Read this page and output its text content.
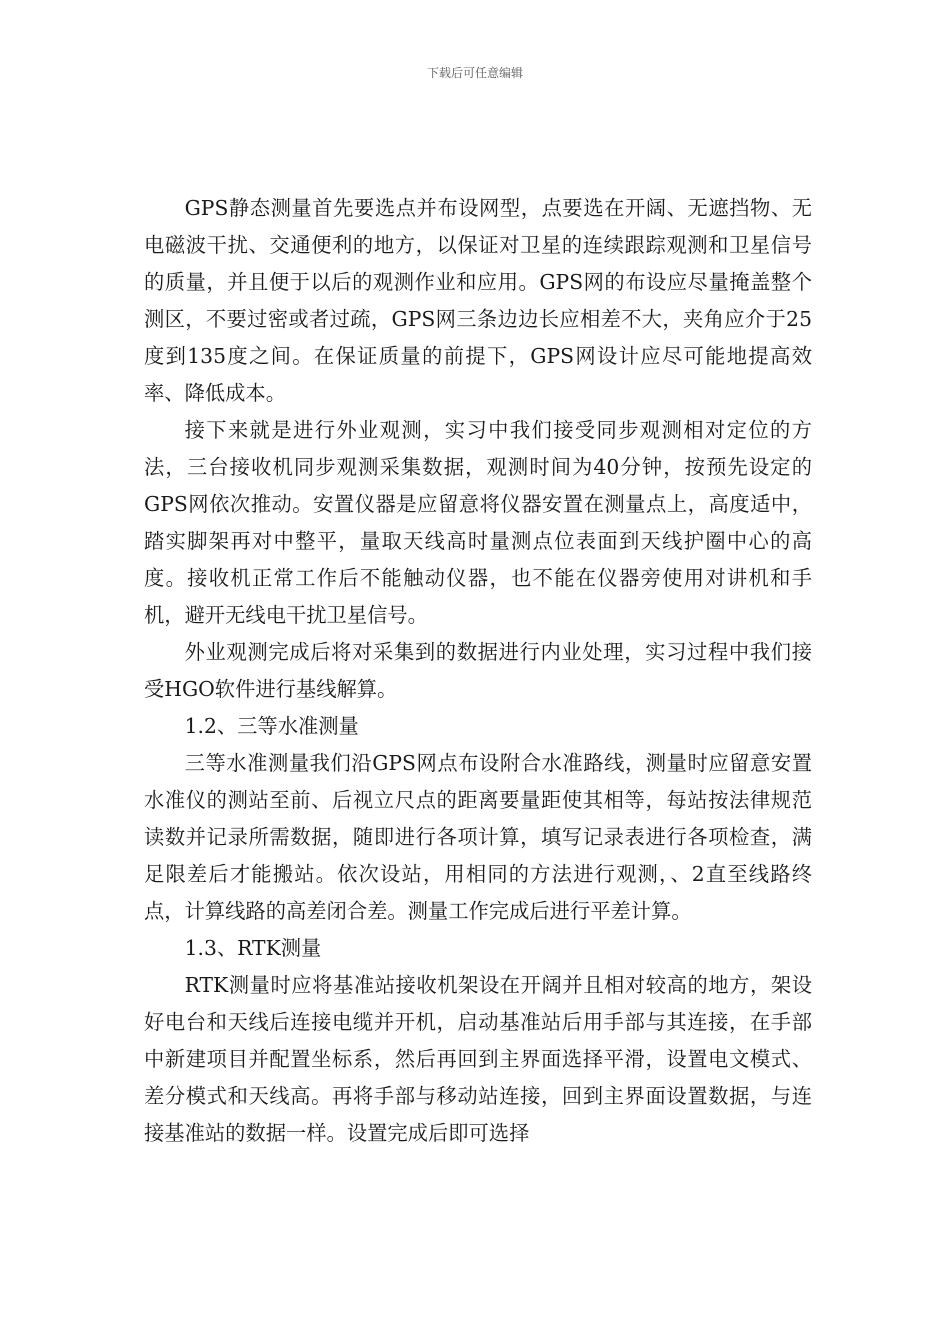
下载后可任意编辑

GPS静态测量首先要选点并布设网型，点要选在开阔、无遮挡物、无电磁波干扰、交通便利的地方，以保证对卫星的连续跟踪观测和卫星信号的质量，并且便于以后的观测作业和应用。GPS网的布设应尽量掩盖整个测区，不要过密或者过疏，GPS网三条边边长应相差不大，夹角应介于25度到135度之间。在保证质量的前提下，GPS网设计应尽可能地提高效率、降低成本。

接下来就是进行外业观测，实习中我们接受同步观测相对定位的方法，三台接收机同步观测采集数据，观测时间为40分钟，按预先设定的GPS网依次推动。安置仪器是应留意将仪器安置在测量点上，高度适中，踏实脚架再对中整平，量取天线高时量测点位表面到天线护圈中心的高度。接收机正常工作后不能触动仪器，也不能在仪器旁使用对讲机和手机，避开无线电干扰卫星信号。

外业观测完成后将对采集到的数据进行内业处理，实习过程中我们接受HGO软件进行基线解算。

1.2、三等水准测量

三等水准测量我们沿GPS网点布设附合水准路线，测量时应留意安置水准仪的测站至前、后视立尺点的距离要量距使其相等，每站按法律规范读数并记录所需数据，随即进行各项计算，填写记录表进行各项检查，满足限差后才能搬站。依次设站，用相同的方法进行观测，、2直至线路终点，计算线路的高差闭合差。测量工作完成后进行平差计算。

1.3、RTK测量

RTK测量时应将基准站接收机架设在开阔并且相对较高的地方，架设好电台和天线后连接电缆并开机，启动基准站后用手部与其连接，在手部中新建项目并配置坐标系，然后再回到主界面选择平滑，设置电文模式、差分模式和天线高。再将手部与移动站连接，回到主界面设置数据，与连接基准站的数据一样。设置完成后即可选择
